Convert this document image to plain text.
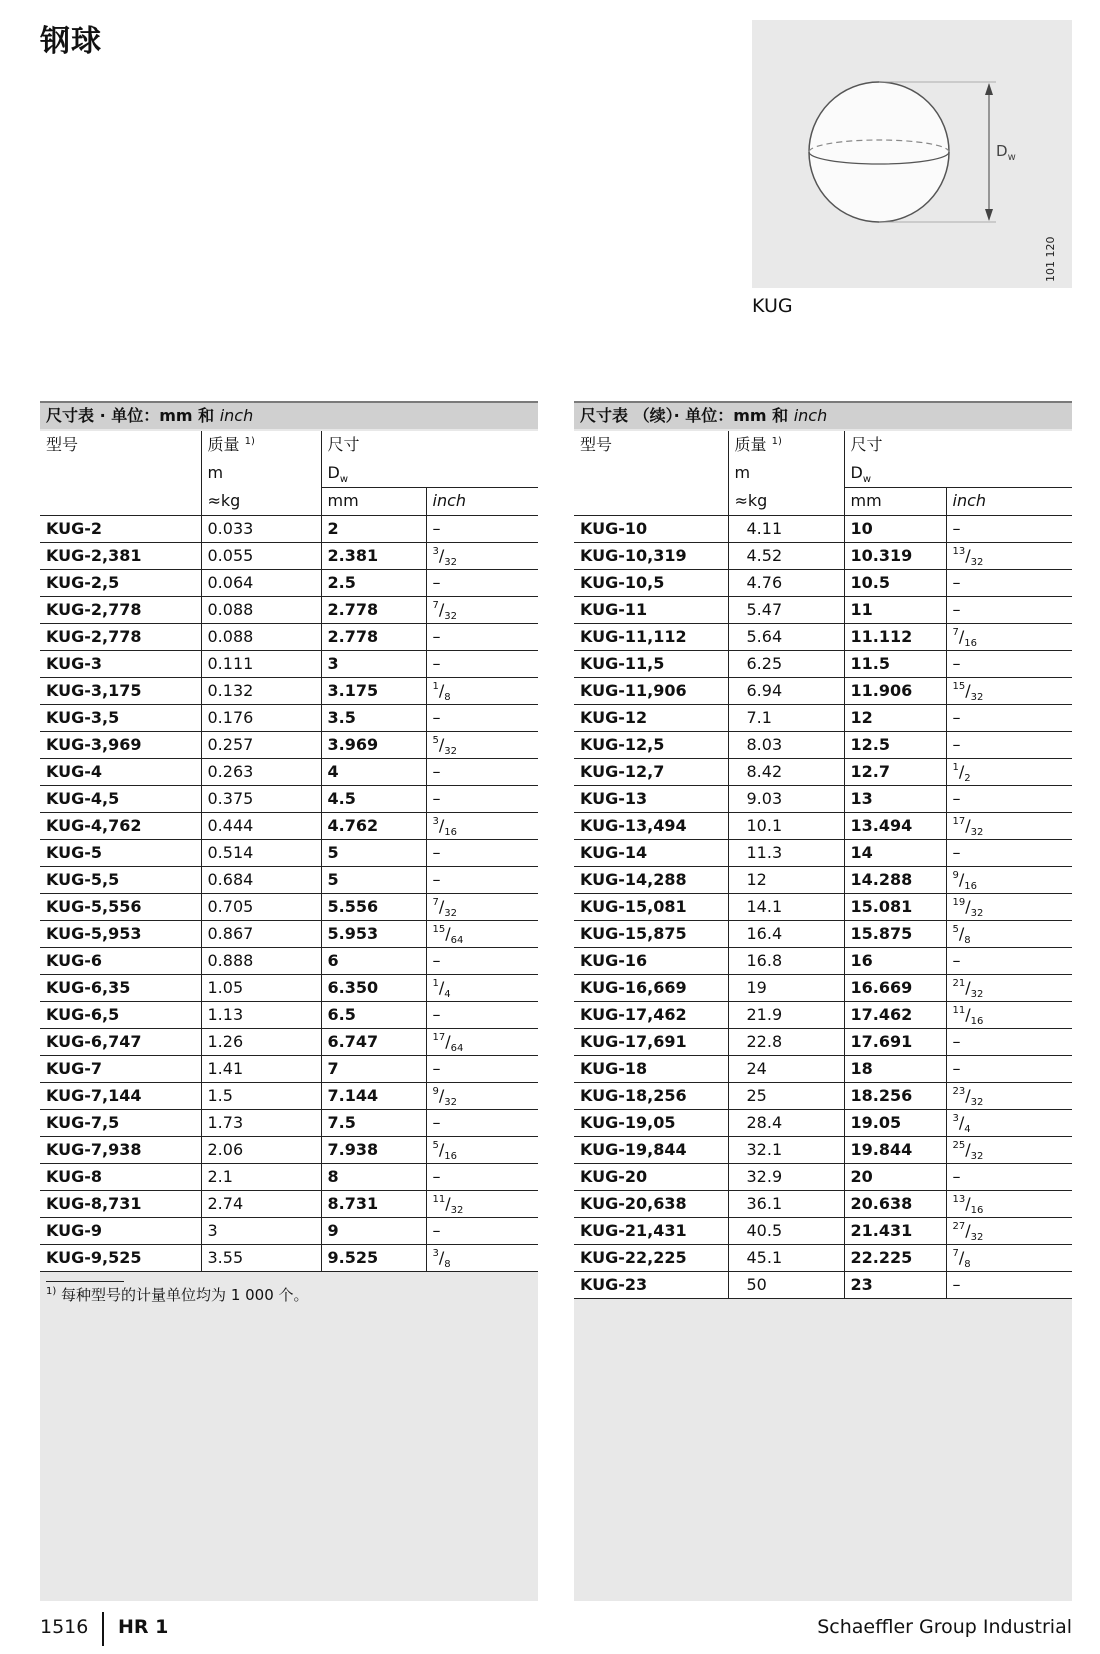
钢球
$D_w$
101 120
KUG
尺寸表 · 单位：mm 和 inch
型号	质量 $^{1)}$	尺寸	
	m	$D_w$
	≈kg	mm	inch
KUG-2	0.033	2	–
KUG-2,381	0.055	2.381	$^3/_{32}$
KUG-2,5	0.064	2.5	–
KUG-2,778	0.088	2.778	$^7/_{32}$
KUG-2,778	0.088	2.778	–
KUG-3	0.111	3	–
KUG-3,175	0.132	3.175	$^1/_8$
KUG-3,5	0.176	3.5	–
KUG-3,969	0.257	3.969	$^5/_{32}$
KUG-4	0.263	4	–
KUG-4,5	0.375	4.5	–
KUG-4,762	0.444	4.762	$^3/_{16}$
KUG-5	0.514	5	–
KUG-5,5	0.684	5	–
KUG-5,556	0.705	5.556	$^7/_{32}$
KUG-5,953	0.867	5.953	$^{15}/_{64}$
KUG-6	0.888	6	–
KUG-6,35	1.05	6.350	$^1/_4$
KUG-6,5	1.13	6.5	–
KUG-6,747	1.26	6.747	$^{17}/_{64}$
KUG-7	1.41	7	–
KUG-7,144	1.5	7.144	$^9/_{32}$
KUG-7,5	1.73	7.5	–
KUG-7,938	2.06	7.938	$^5/_{16}$
KUG-8	2.1	8	–
KUG-8,731	2.74	8.731	$^{11}/_{32}$
KUG-9	3	9	–
KUG-9,525	3.55	9.525	$^3/_8$
$^{1)}$ 每种型号的计量单位均为 1 000 个。
尺寸表 （续）· 单位：mm 和 inch
型号	质量 $^{1)}$	尺寸	
	m	$D_w$
	≈kg	mm	inch
KUG-10	4.11	10	–
KUG-10,319	4.52	10.319	$^{13}/_{32}$
KUG-10,5	4.76	10.5	–
KUG-11	5.47	11	–
KUG-11,112	5.64	11.112	$^7/_{16}$
KUG-11,5	6.25	11.5	–
KUG-11,906	6.94	11.906	$^{15}/_{32}$
KUG-12	7.1	12	–
KUG-12,5	8.03	12.5	–
KUG-12,7	8.42	12.7	$^1/_2$
KUG-13	9.03	13	–
KUG-13,494	10.1	13.494	$^{17}/_{32}$
KUG-14	11.3	14	–
KUG-14,288	12	14.288	$^9/_{16}$
KUG-15,081	14.1	15.081	$^{19}/_{32}$
KUG-15,875	16.4	15.875	$^5/_8$
KUG-16	16.8	16	–
KUG-16,669	19	16.669	$^{21}/_{32}$
KUG-17,462	21.9	17.462	$^{11}/_{16}$
KUG-17,691	22.8	17.691	–
KUG-18	24	18	–
KUG-18,256	25	18.256	$^{23}/_{32}$
KUG-19,05	28.4	19.05	$^3/_4$
KUG-19,844	32.1	19.844	$^{25}/_{32}$
KUG-20	32.9	20	–
KUG-20,638	36.1	20.638	$^{13}/_{16}$
KUG-21,431	40.5	21.431	$^{27}/_{32}$
KUG-22,225	45.1	22.225	$^7/_8$
KUG-23	50	23	–
1516 HR 1	Schaeffler Group Industrial
